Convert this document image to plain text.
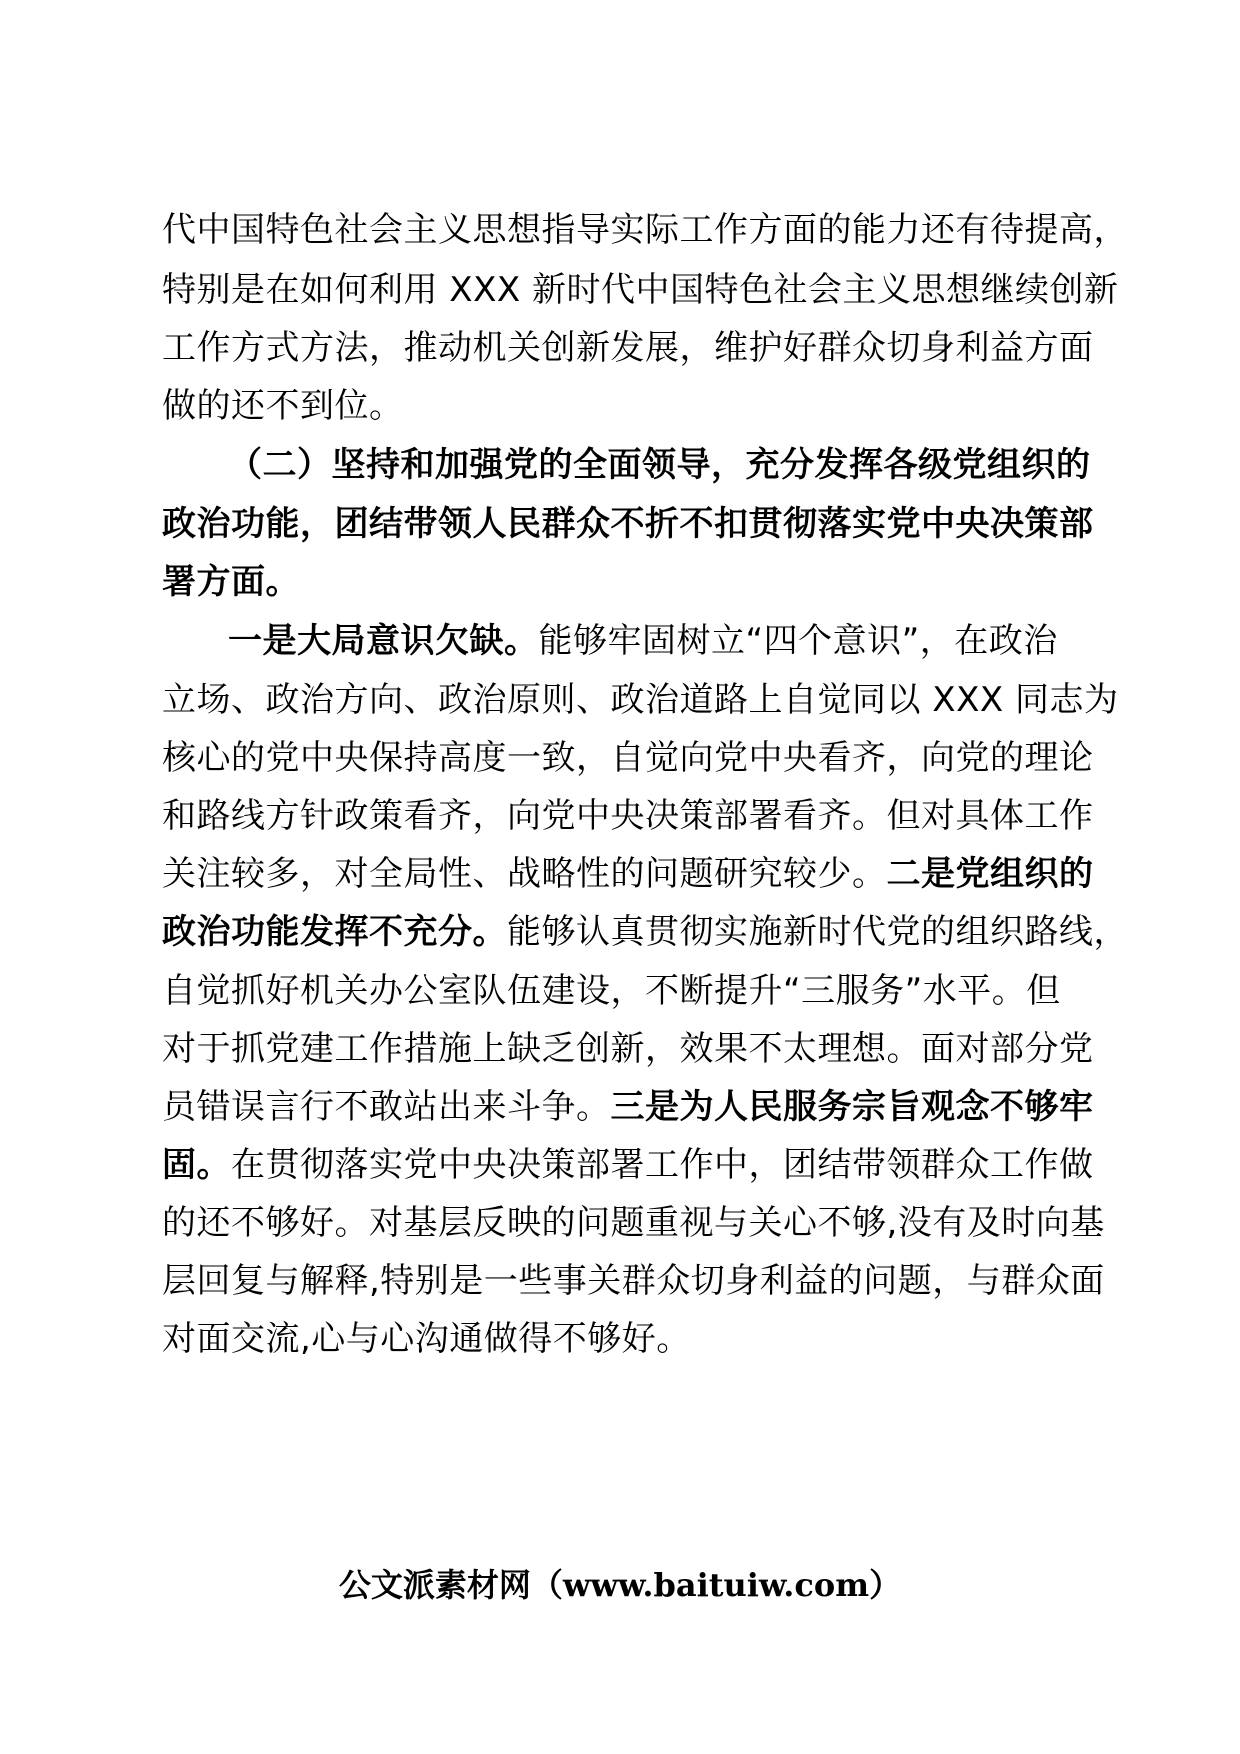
代中国特色社会主义思想指导实际工作方面的能力还有待提高，
特别是在如何利用 XXX 新时代中国特色社会主义思想继续创新
工作方式方法，推动机关创新发展，维护好群众切身利益方面
做的还不到位。
（二）坚持和加强党的全面领导，充分发挥各级党组织的
政治功能，团结带领人民群众不折不扣贯彻落实党中央决策部
署方面。
一是大局意识欠缺。能够牢固树立“四个意识”，在政治
立场、政治方向、政治原则、政治道路上自觉同以 XXX 同志为
核心的党中央保持高度一致，自觉向党中央看齐，向党的理论
和路线方针政策看齐，向党中央决策部署看齐。但对具体工作
关注较多，对全局性、战略性的问题研究较少。二是党组织的
政治功能发挥不充分。能够认真贯彻实施新时代党的组织路线，
自觉抓好机关办公室队伍建设，不断提升“三服务”水平。但
对于抓党建工作措施上缺乏创新，效果不太理想。面对部分党
员错误言行不敢站出来斗争。三是为人民服务宗旨观念不够牢
固。在贯彻落实党中央决策部署工作中，团结带领群众工作做
的还不够好。对基层反映的问题重视与关心不够,没有及时向基
层回复与解释,特别是一些事关群众切身利益的问题，与群众面
对面交流,心与心沟通做得不够好。
公文派素材网（www.baituiw.com）
